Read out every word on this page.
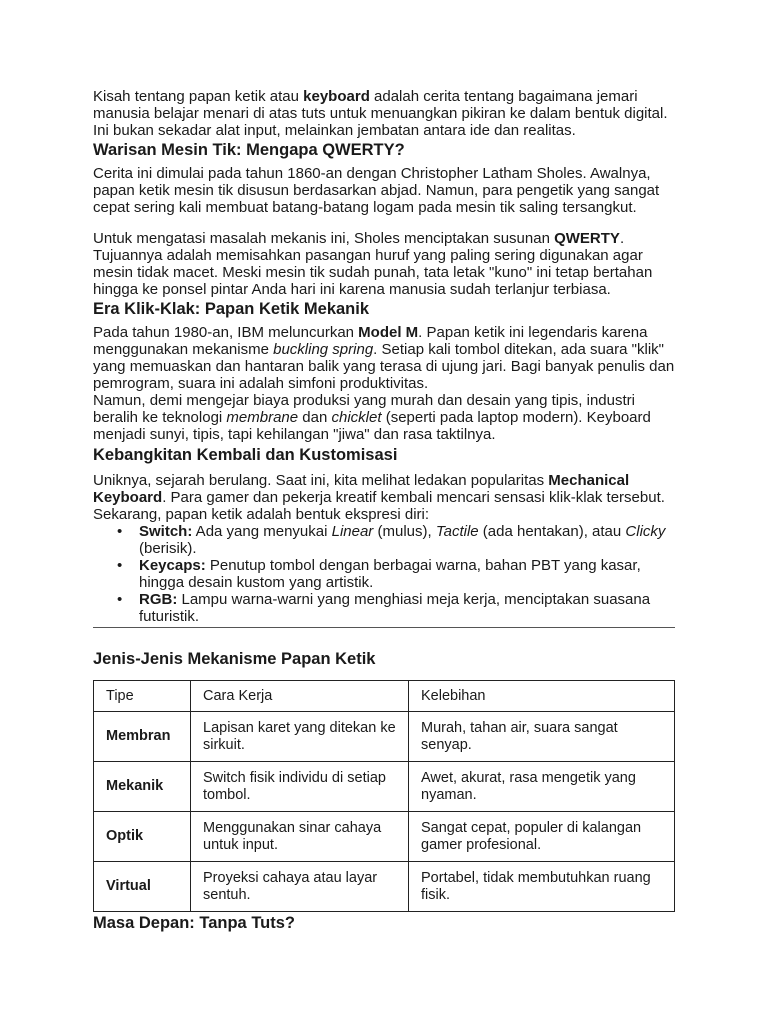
Kisah tentang papan ketik atau keyboard adalah cerita tentang bagaimana jemari manusia belajar menari di atas tuts untuk menuangkan pikiran ke dalam bentuk digital. Ini bukan sekadar alat input, melainkan jembatan antara ide dan realitas.

Warisan Mesin Tik: Mengapa QWERTY?

Cerita ini dimulai pada tahun 1860-an dengan Christopher Latham Sholes. Awalnya, papan ketik mesin tik disusun berdasarkan abjad. Namun, para pengetik yang sangat cepat sering kali membuat batang-batang logam pada mesin tik saling tersangkut.

Untuk mengatasi masalah mekanis ini, Sholes menciptakan susunan QWERTY. Tujuannya adalah memisahkan pasangan huruf yang paling sering digunakan agar mesin tidak macet. Meski mesin tik sudah punah, tata letak "kuno" ini tetap bertahan hingga ke ponsel pintar Anda hari ini karena manusia sudah terlanjur terbiasa.

Era Klik-Klak: Papan Ketik Mekanik

Pada tahun 1980-an, IBM meluncurkan Model M. Papan ketik ini legendaris karena menggunakan mekanisme buckling spring. Setiap kali tombol ditekan, ada suara "klik" yang memuaskan dan hantaran balik yang terasa di ujung jari. Bagi banyak penulis dan pemrogram, suara ini adalah simfoni produktivitas.

Namun, demi mengejar biaya produksi yang murah dan desain yang tipis, industri beralih ke teknologi membrane dan chicklet (seperti pada laptop modern). Keyboard menjadi sunyi, tipis, tapi kehilangan "jiwa" dan rasa taktilnya.

Kebangkitan Kembali dan Kustomisasi

Uniknya, sejarah berulang. Saat ini, kita melihat ledakan popularitas Mechanical Keyboard. Para gamer dan pekerja kreatif kembali mencari sensasi klik-klak tersebut. Sekarang, papan ketik adalah bentuk ekspresi diri:

• Switch: Ada yang menyukai Linear (mulus), Tactile (ada hentakan), atau Clicky (berisik).
• Keycaps: Penutup tombol dengan berbagai warna, bahan PBT yang kasar, hingga desain kustom yang artistik.
• RGB: Lampu warna-warni yang menghiasi meja kerja, menciptakan suasana futuristik.
Jenis-Jenis Mekanisme Papan Ketik
Tipe	Cara Kerja	Kelebihan
Membran	Lapisan karet yang ditekan ke sirkuit.	Murah, tahan air, suara sangat senyap.
Mekanik	Switch fisik individu di setiap tombol.	Awet, akurat, rasa mengetik yang nyaman.
Optik	Menggunakan sinar cahaya untuk input.	Sangat cepat, populer di kalangan gamer profesional.
Virtual	Proyeksi cahaya atau layar sentuh.	Portabel, tidak membutuhkan ruang fisik.
Masa Depan: Tanpa Tuts?
